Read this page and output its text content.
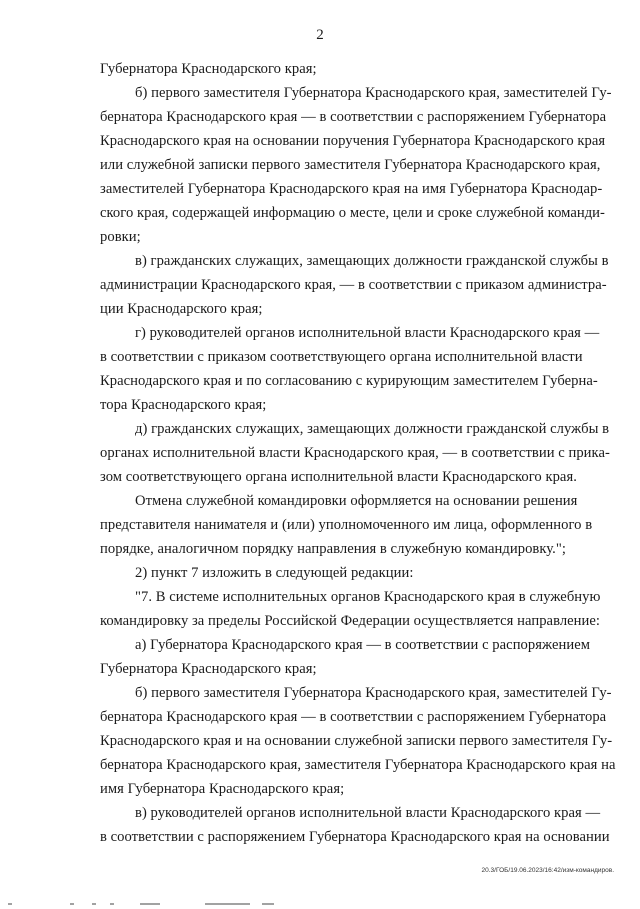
2
Губернатора Краснодарского края;
б) первого заместителя Губернатора Краснодарского края, заместителей Гу-
бернатора Краснодарского края — в соответствии с распоряжением Губернатора
Краснодарского края на основании поручения Губернатора Краснодарского края
или служебной записки первого заместителя Губернатора Краснодарского края,
заместителей Губернатора Краснодарского края на имя Губернатора Краснодар-
ского края, содержащей информацию о месте, цели и сроке служебной команди-
ровки;
в) гражданских служащих, замещающих должности гражданской службы в
администрации Краснодарского края, — в соответствии с приказом администра-
ции Краснодарского края;
г) руководителей органов исполнительной власти Краснодарского края —
в соответствии с приказом соответствующего органа исполнительной власти
Краснодарского края и по согласованию с курирующим заместителем Губерна-
тора Краснодарского края;
д) гражданских служащих, замещающих должности гражданской службы в
органах исполнительной власти Краснодарского края, — в соответствии с прика-
зом соответствующего органа исполнительной власти Краснодарского края.
Отмена служебной командировки оформляется на основании решения
представителя нанимателя и (или) уполномоченного им лица, оформленного в
порядке, аналогичном порядку направления в служебную командировку.";
2) пункт 7 изложить в следующей редакции:
"7. В системе исполнительных органов Краснодарского края в служебную
командировку за пределы Российской Федерации осуществляется направление:
а) Губернатора Краснодарского края — в соответствии с распоряжением
Губернатора Краснодарского края;
б) первого заместителя Губернатора Краснодарского края, заместителей Гу-
бернатора Краснодарского края — в соответствии с распоряжением Губернатора
Краснодарского края и на основании служебной записки первого заместителя Гу-
бернатора Краснодарского края, заместителя Губернатора Краснодарского края на
имя Губернатора Краснодарского края;
в) руководителей органов исполнительной власти Краснодарского края —
в соответствии с распоряжением Губернатора Краснодарского края на основании
20.3/ГОБ/19.06.2023/16:42/изм-командиров.
